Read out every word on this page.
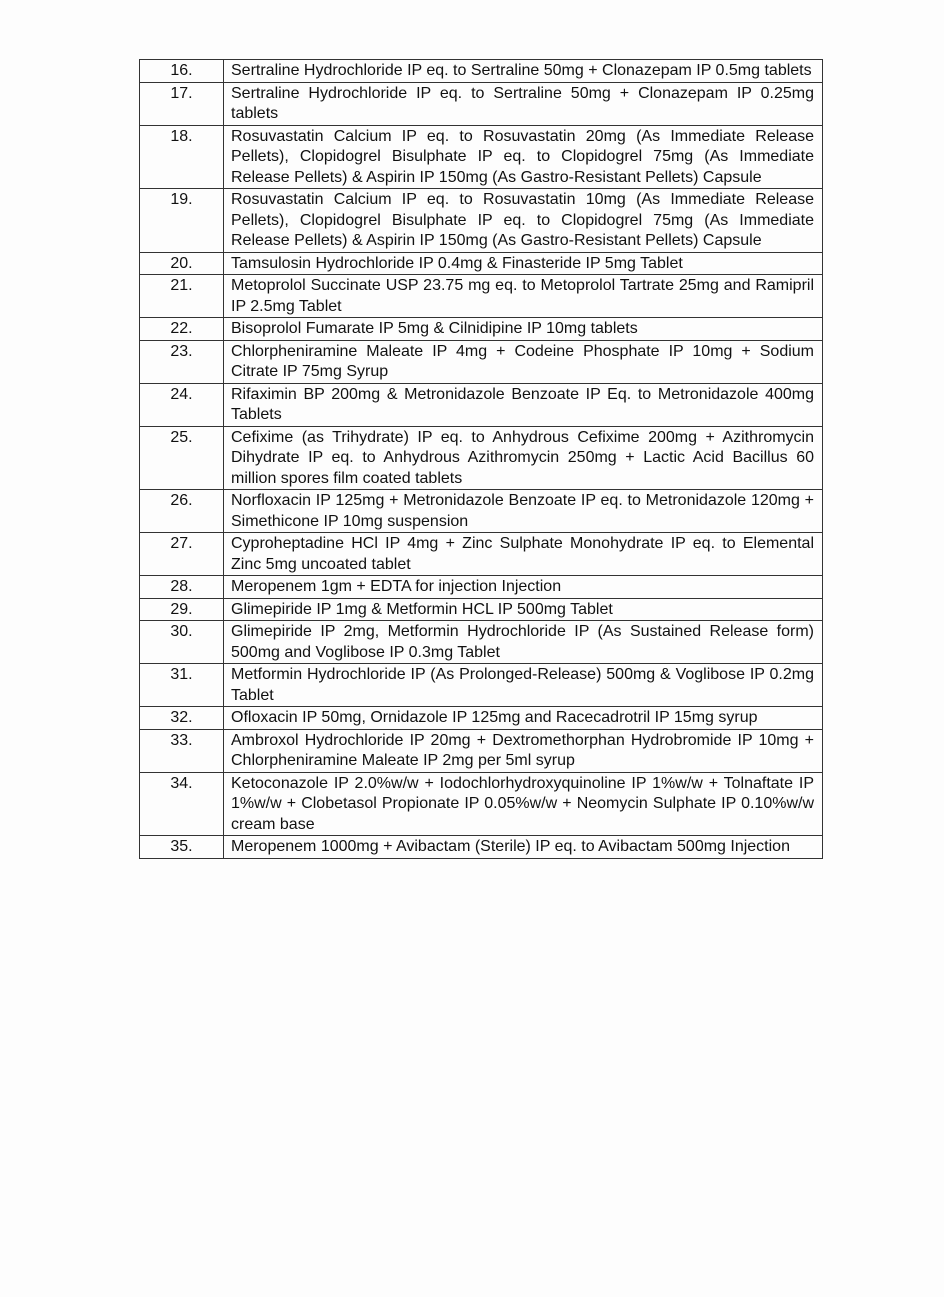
16.	Sertraline Hydrochloride IP eq. to Sertraline 50mg + Clonazepam IP 0.5mg tablets
17.	Sertraline Hydrochloride IP eq. to Sertraline 50mg + Clonazepam IP 0.25mg tablets
18.	Rosuvastatin Calcium IP eq. to Rosuvastatin 20mg (As Immediate Release Pellets), Clopidogrel Bisulphate IP eq. to Clopidogrel 75mg (As Immediate Release Pellets) & Aspirin IP 150mg (As Gastro-Resistant Pellets) Capsule
19.	Rosuvastatin Calcium IP eq. to Rosuvastatin 10mg (As Immediate Release Pellets), Clopidogrel Bisulphate IP eq. to Clopidogrel 75mg (As Immediate Release Pellets) & Aspirin IP 150mg (As Gastro-Resistant Pellets) Capsule
20.	Tamsulosin Hydrochloride IP 0.4mg & Finasteride IP 5mg Tablet
21.	Metoprolol Succinate USP 23.75 mg eq. to Metoprolol Tartrate 25mg and Ramipril IP 2.5mg Tablet
22.	Bisoprolol Fumarate IP 5mg & Cilnidipine IP 10mg tablets
23.	Chlorpheniramine Maleate IP 4mg + Codeine Phosphate IP 10mg + Sodium Citrate IP 75mg Syrup
24.	Rifaximin BP 200mg & Metronidazole Benzoate IP Eq. to Metronidazole 400mg Tablets
25.	Cefixime (as Trihydrate) IP eq. to Anhydrous Cefixime 200mg + Azithromycin Dihydrate IP eq. to Anhydrous Azithromycin 250mg + Lactic Acid Bacillus 60 million spores film coated tablets
26.	Norfloxacin IP 125mg + Metronidazole Benzoate IP eq. to Metronidazole 120mg + Simethicone IP 10mg suspension
27.	Cyproheptadine HCl IP 4mg + Zinc Sulphate Monohydrate IP eq. to Elemental Zinc 5mg uncoated tablet
28.	Meropenem 1gm + EDTA for injection Injection
29.	Glimepiride IP 1mg & Metformin HCL IP 500mg Tablet
30.	Glimepiride IP 2mg, Metformin Hydrochloride IP (As Sustained Release form) 500mg and Voglibose IP 0.3mg Tablet
31.	Metformin Hydrochloride IP (As Prolonged-Release) 500mg & Voglibose IP 0.2mg Tablet
32.	Ofloxacin IP 50mg, Ornidazole IP 125mg and Racecadrotril IP 15mg syrup
33.	Ambroxol Hydrochloride IP 20mg + Dextromethorphan Hydrobromide IP 10mg + Chlorpheniramine Maleate IP 2mg per 5ml syrup
34.	Ketoconazole IP 2.0%w/w + Iodochlorhydroxyquinoline IP 1%w/w + Tolnaftate IP 1%w/w + Clobetasol Propionate IP 0.05%w/w + Neomycin Sulphate IP 0.10%w/w cream base
35.	Meropenem 1000mg + Avibactam (Sterile) IP eq. to Avibactam 500mg Injection
